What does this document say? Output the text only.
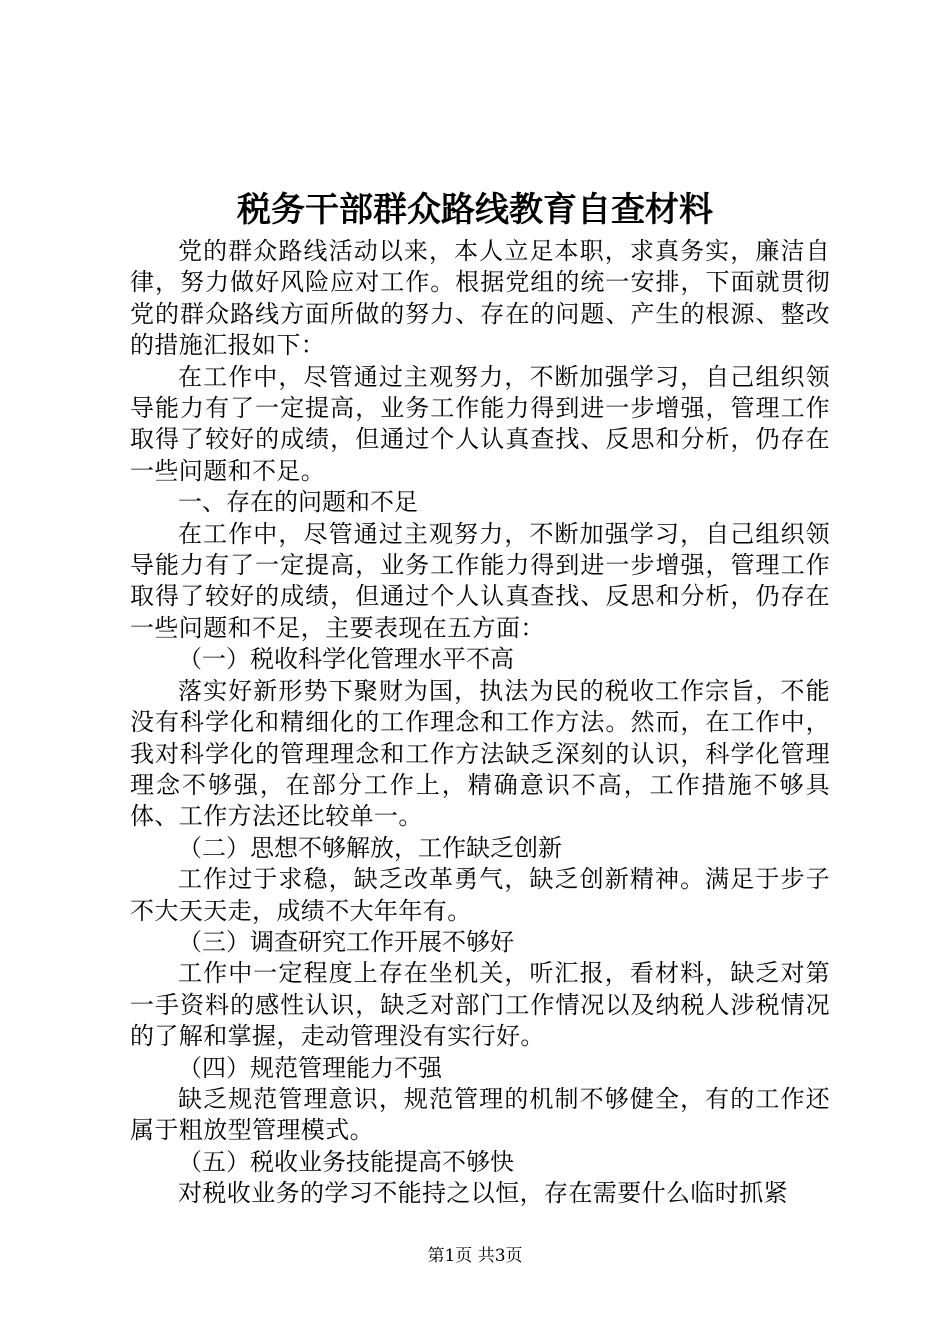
税务干部群众路线教育自查材料

党的群众路线活动以来，本人立足本职，求真务实，廉洁自律，努力做好风险应对工作。根据党组的统一安排，下面就贯彻党的群众路线方面所做的努力、存在的问题、产生的根源、整改的措施汇报如下：

在工作中，尽管通过主观努力，不断加强学习，自己组织领导能力有了一定提高，业务工作能力得到进一步增强，管理工作取得了较好的成绩，但通过个人认真查找、反思和分析，仍存在一些问题和不足。

一、存在的问题和不足

在工作中，尽管通过主观努力，不断加强学习，自己组织领导能力有了一定提高，业务工作能力得到进一步增强，管理工作取得了较好的成绩，但通过个人认真查找、反思和分析，仍存在一些问题和不足，主要表现在五方面：

（一）税收科学化管理水平不高

落实好新形势下聚财为国，执法为民的税收工作宗旨，不能没有科学化和精细化的工作理念和工作方法。然而，在工作中，我对科学化的管理理念和工作方法缺乏深刻的认识，科学化管理理念不够强，在部分工作上，精确意识不高，工作措施不够具体、工作方法还比较单一。

（二）思想不够解放，工作缺乏创新

工作过于求稳，缺乏改革勇气，缺乏创新精神。满足于步子不大天天走，成绩不大年年有。

（三）调查研究工作开展不够好

工作中一定程度上存在坐机关，听汇报，看材料，缺乏对第一手资料的感性认识，缺乏对部门工作情况以及纳税人涉税情况的了解和掌握，走动管理没有实行好。

（四）规范管理能力不强

缺乏规范管理意识，规范管理的机制不够健全，有的工作还属于粗放型管理模式。

（五）税收业务技能提高不够快

对税收业务的学习不能持之以恒，存在需要什么临时抓紧

第1页 共3页
